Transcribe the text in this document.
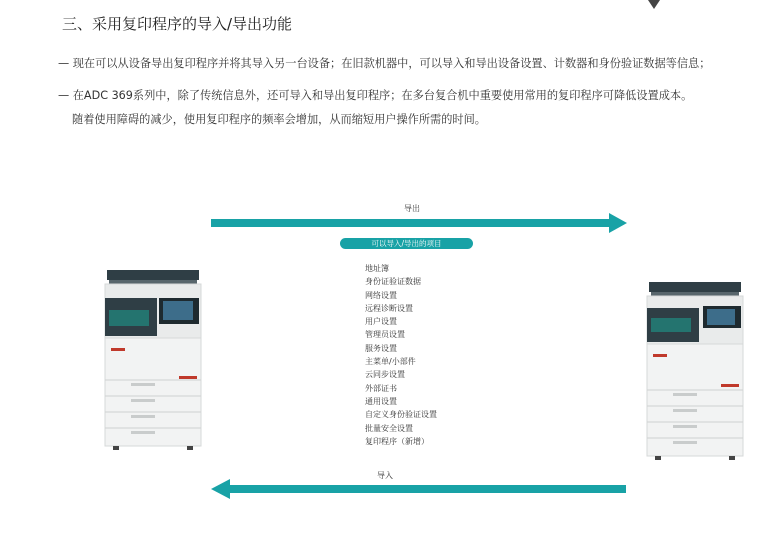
三、采用复印程序的导入/导出功能
— 现在可以从设备导出复印程序并将其导入另一台设备；在旧款机器中，可以导入和导出设备设置、计数器和身份验证数据等信息；
— 在ADC 369系列中，除了传统信息外，还可导入和导出复印程序；在多台复合机中重要使用常用的复印程序可降低设置成本。
随着使用障碍的减少，使用复印程序的频率会增加，从而缩短用户操作所需的时间。
导出
可以导入/导出的项目
地址簿
身份证验证数据
网络设置
远程诊断设置
用户设置
管理员设置
服务设置
主菜单/小部件
云同步设置
外部证书
通用设置
自定义身份验证设置
批量安全设置
复印程序（新增）
导入
